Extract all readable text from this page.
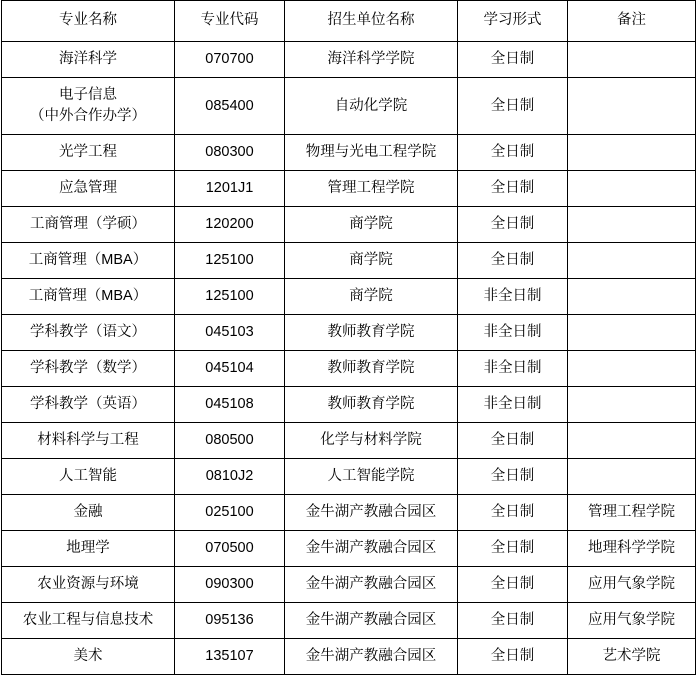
专业名称	专业代码	招生单位名称	学习形式	备注
海洋科学	070700	海洋科学学院	全日制	

电子信息
（中外合作办学）	085400	自动化学院	全日制	
光学工程	080300	物理与光电工程学院	全日制	
应急管理	1201J1	管理工程学院	全日制	
工商管理（学硕）	120200	商学院	全日制	
工商管理（MBA）	125100	商学院	全日制	
工商管理（MBA）	125100	商学院	非全日制	
学科教学（语文）	045103	教师教育学院	非全日制	
学科教学（数学）	045104	教师教育学院	非全日制	
学科教学（英语）	045108	教师教育学院	非全日制	
材料科学与工程	080500	化学与材料学院	全日制	
人工智能	0810J2	人工智能学院	全日制	
金融	025100	金牛湖产教融合园区	全日制	管理工程学院
地理学	070500	金牛湖产教融合园区	全日制	地理科学学院
农业资源与环境	090300	金牛湖产教融合园区	全日制	应用气象学院
农业工程与信息技术	095136	金牛湖产教融合园区	全日制	应用气象学院
美术	135107	金牛湖产教融合园区	全日制	艺术学院
